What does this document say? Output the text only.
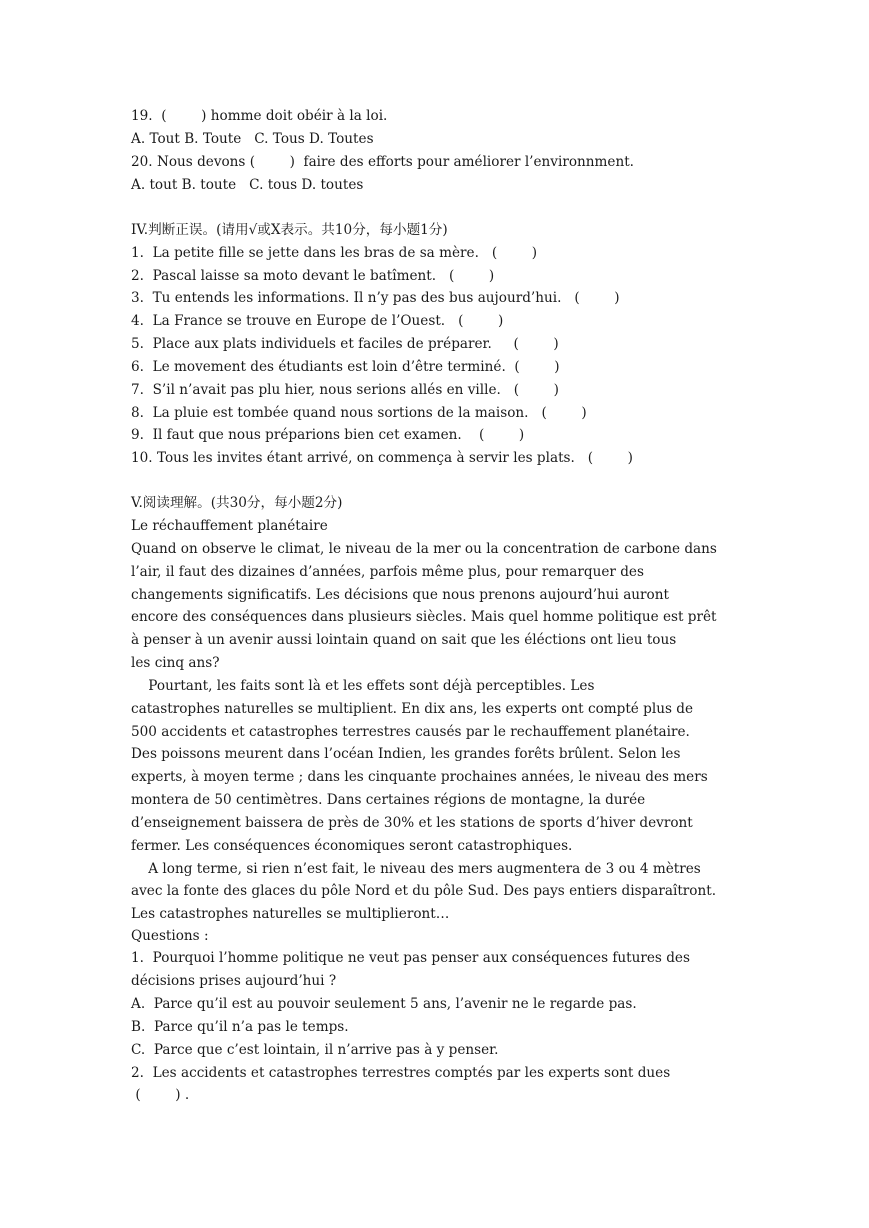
19.  (        ) homme doit obéir à la loi.
A. Tout B. Toute   C. Tous D. Toutes
20. Nous devons (        )  faire des efforts pour améliorer l’environnment.
A. tout B. toute   C. tous D. toutes
IV.判断正误。(请用√或X表示。共10分，每小题1分)
1.  La petite fille se jette dans les bras de sa mère.   (        )
2.  Pascal laisse sa moto devant le batîment.   (        )
3.  Tu entends les informations. Il n’y pas des bus aujourd’hui.   (        )
4.  La France se trouve en Europe de l’Ouest.   (        )
5.  Place aux plats individuels et faciles de préparer.     (        )
6.  Le movement des étudiants est loin d’être terminé.  (        )
7.  S’il n’avait pas plu hier, nous serions allés en ville.   (        )
8.  La pluie est tombée quand nous sortions de la maison.   (        )
9.  Il faut que nous préparions bien cet examen.    (        )
10. Tous les invites étant arrivé, on commença à servir les plats.   (        )
V.阅读理解。(共30分，每小题2分)
Le réchauffement planétaire
Quand on observe le climat, le niveau de la mer ou la concentration de carbone dans
l’air, il faut des dizaines d’années, parfois même plus, pour remarquer des
changements significatifs. Les décisions que nous prenons aujourd’hui auront
encore des conséquences dans plusieurs siècles. Mais quel homme politique est prêt
à penser à un avenir aussi lointain quand on sait que les éléctions ont lieu tous
les cinq ans?
Pourtant, les faits sont là et les effets sont déjà perceptibles. Les
catastrophes naturelles se multiplient. En dix ans, les experts ont compté plus de
500 accidents et catastrophes terrestres causés par le rechauffement planétaire.
Des poissons meurent dans l’océan Indien, les grandes forêts brûlent. Selon les
experts, à moyen terme ; dans les cinquante prochaines années, le niveau des mers
montera de 50 centimètres. Dans certaines régions de montagne, la durée
d’enseignement baissera de près de 30% et les stations de sports d’hiver devront
fermer. Les conséquences économiques seront catastrophiques.
A long terme, si rien n’est fait, le niveau des mers augmentera de 3 ou 4 mètres
avec la fonte des glaces du pôle Nord et du pôle Sud. Des pays entiers disparaîtront.
Les catastrophes naturelles se multiplieront…
Questions :
1.  Pourquoi l’homme politique ne veut pas penser aux conséquences futures des
décisions prises aujourd’hui ?
A.  Parce qu’il est au pouvoir seulement 5 ans, l’avenir ne le regarde pas.
B.  Parce qu’il n’a pas le temps.
C.  Parce que c’est lointain, il n’arrive pas à y penser.
2.  Les accidents et catastrophes terrestres comptés par les experts sont dues
(        ) .
